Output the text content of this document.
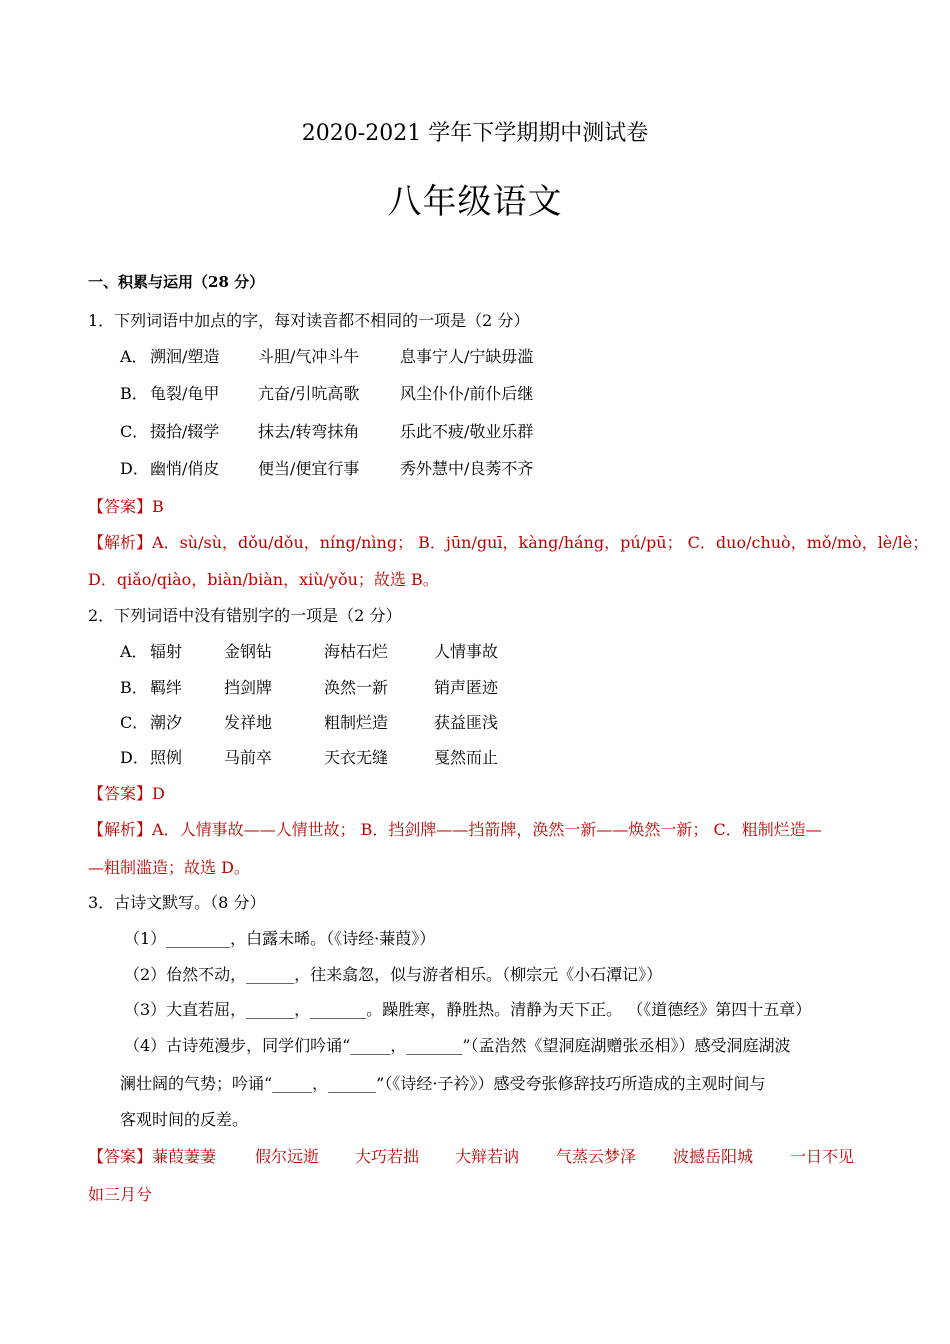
2020-2021 学年下学期期中测试卷
八年级语文
一、积累与运用（28 分）
1．下列词语中加点的字，每对读音都不相同的一项是（2 分）
A． 溯洄/塑造 斗胆/气冲斗牛	息事宁人/宁缺毋滥
B． 龟裂/龟甲 亢奋/引吭高歌	风尘仆仆/前仆后继
C． 掇拾/辍学 抹去/转弯抹角	乐此不疲/敬业乐群
D． 幽悄/俏皮 便当/便宜行事	秀外慧中/良莠不齐
【答案】B
【解析】A．sù/sù，dǒu/dǒu，níng/nìng； B．jūn/guī，kàng/háng，pú/pū； C．duo/chuò，mǒ/mò，lè/lè；
D．qiǎo/qiào，biàn/biàn，xiù/yǒu；故选 B。
2．下列词语中没有错别字的一项是（2 分）
A． 辐射	金钢钻	海枯石烂	人情事故
B． 羁绊	挡剑牌	涣然一新	销声匿迹
C． 潮汐	发祥地	粗制烂造	获益匪浅
D． 照例	马前卒	天衣无缝	戛然而止
【答案】D
【解析】A．人情事故——人情世故； B．挡剑牌——挡箭牌，涣然一新——焕然一新； C．粗制烂造—
—粗制滥造；故选 D。
3．古诗文默写。（8 分）
（1）________，白露未晞。（《诗经·蒹葭》）
（2）佁然不动，______，往来翕忽，似与游者相乐。（柳宗元《小石潭记》）
（3）大直若屈，______，_______。躁胜寒，静胜热。清静为天下正。 （《道德经》第四十五章）
（4）古诗苑漫步，同学们吟诵“_____，_______”（孟浩然《望洞庭湖赠张丞相》）感受洞庭湖波
澜壮阔的气势；吟诵“_____，______”（《诗经·子衿》）感受夸张修辞技巧所造成的主观时间与
客观时间的反差。
【答案】 蒹葭萋萋 假尔远逝 大巧若拙 大辩若讷 气蒸云梦泽 波撼岳阳城 一日不见
如三月兮
